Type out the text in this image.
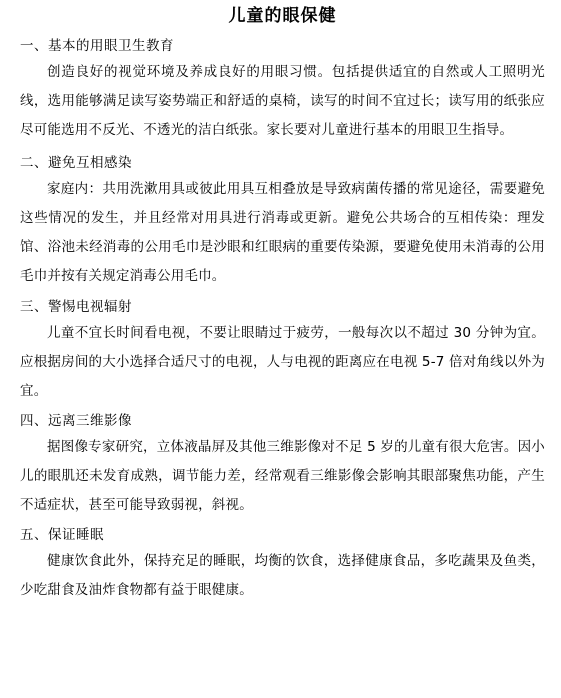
儿童的眼保健
一、基本的用眼卫生教育

创造良好的视觉环境及养成良好的用眼习惯。包括提供适宜的自然或人工照明光线，选用能够满足读写姿势端正和舒适的桌椅，读写的时间不宜过长；读写用的纸张应尽可能选用不反光、不透光的洁白纸张。家长要对儿童进行基本的用眼卫生指导。

二、避免互相感染

家庭内：共用洗漱用具或彼此用具互相叠放是导致病菌传播的常见途径，需要避免这些情况的发生，并且经常对用具进行消毒或更新。避免公共场合的互相传染：理发馆、浴池未经消毒的公用毛巾是沙眼和红眼病的重要传染源，要避免使用未消毒的公用毛巾并按有关规定消毒公用毛巾。

三、警惕电视辐射

儿童不宜长时间看电视，不要让眼睛过于疲劳，一般每次以不超过 30 分钟为宜。应根据房间的大小选择合适尺寸的电视，人与电视的距离应在电视 5-7 倍对角线以外为宜。

四、远离三维影像

据图像专家研究，立体液晶屏及其他三维影像对不足 5 岁的儿童有很大危害。因小儿的眼肌还未发育成熟，调节能力差，经常观看三维影像会影响其眼部聚焦功能，产生不适症状，甚至可能导致弱视，斜视。

五、保证睡眠

健康饮食此外，保持充足的睡眠，均衡的饮食，选择健康食品，多吃蔬果及鱼类，少吃甜食及油炸食物都有益于眼健康。
